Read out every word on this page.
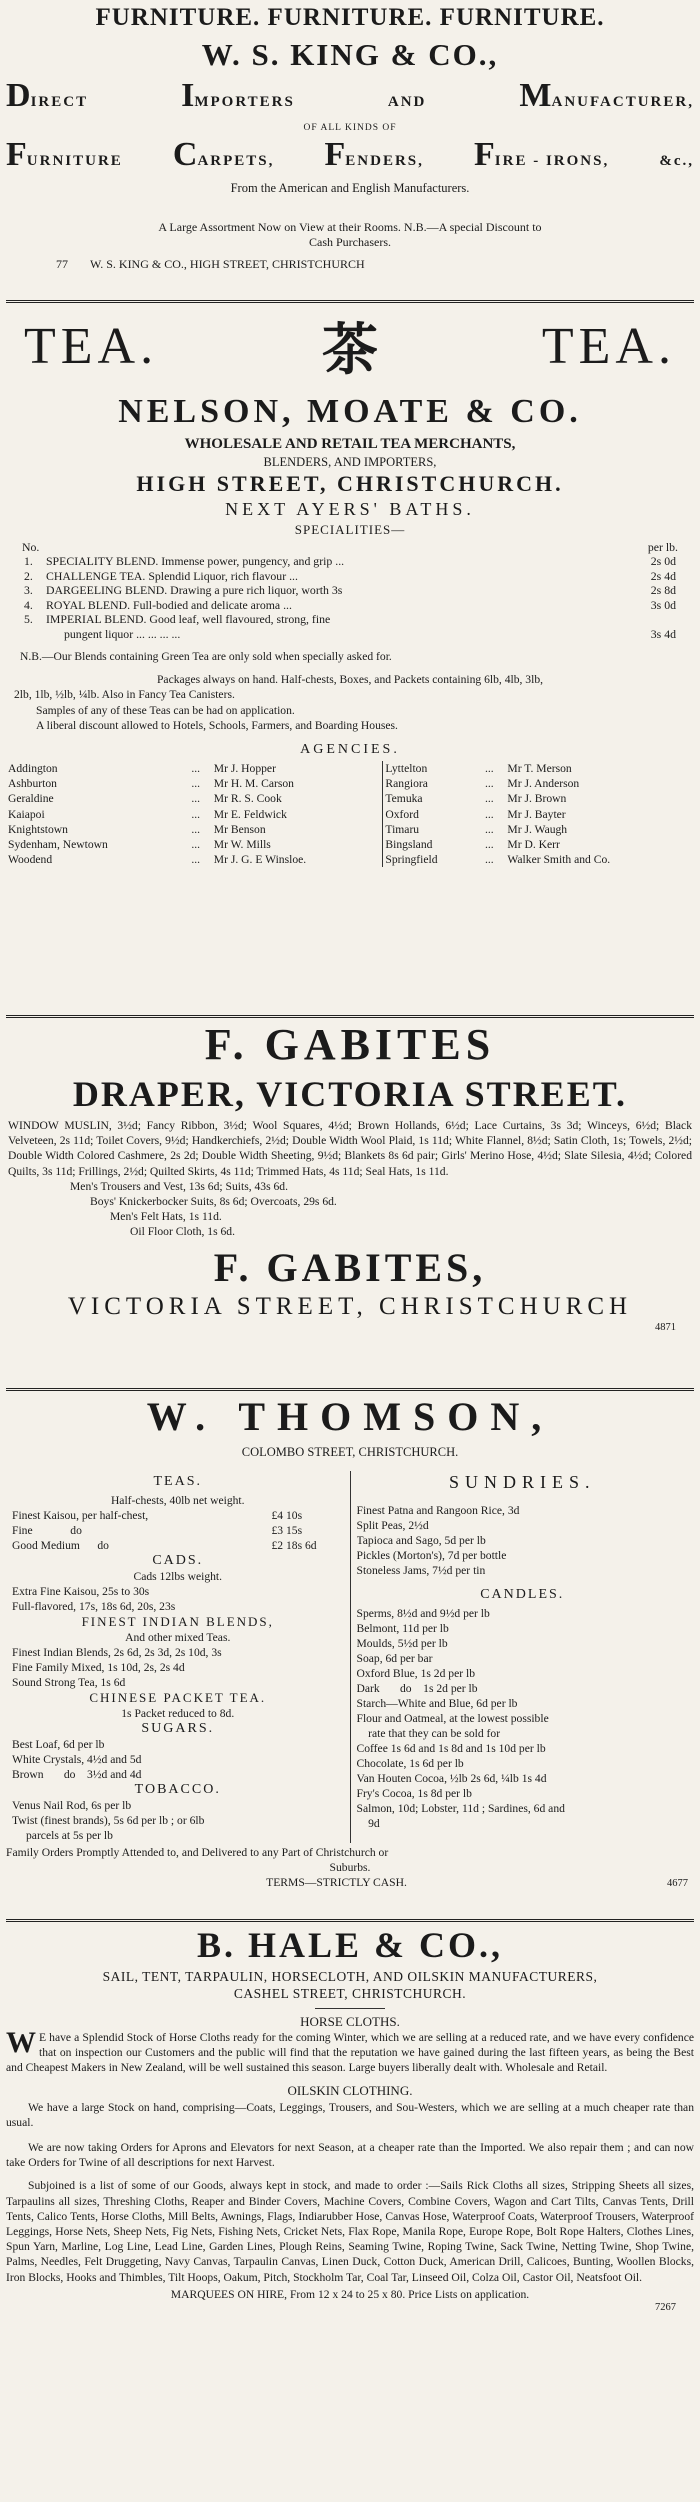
FURNITURE. FURNITURE. FURNITURE.
W. S. KING & CO.,
DIRECT	IMPORTERS	AND	MANUFACTURER,
OF ALL KINDS OF
FURNITURE CARPETS, FENDERS, FIRE - IRONS,	&c.,
From the American and English Manufacturers.
A Large Assortment Now on View at their Rooms. N.B.—A special Discount to
Cash Purchasers.
77 W. S. KING & CO., HIGH STREET, CHRISTCHURCH
TEA.	茶	TEA.
NELSON, MOATE & CO.
WHOLESALE AND RETAIL TEA MERCHANTS,
BLENDERS, AND IMPORTERS,
HIGH STREET, CHRISTCHURCH.
NEXT AYERS' BATHS.
SPECIALITIES—
No.	per lb.
1.	SPECIALITY BLEND. Immense power, pungency, and grip ...	2s 0d
2.	CHALLENGE TEA. Splendid Liquor, rich flavour ...	2s 4d
3.	DARGEELING BLEND. Drawing a pure rich liquor, worth 3s	2s 8d
4.	ROYAL BLEND. Full-bodied and delicate aroma ...	3s 0d
5.	IMPERIAL BLEND. Good leaf, well flavoured, strong, fine	
	pungent liquor ... ... ... ...	3s 4d
N.B.—Our Blends containing Green Tea are only sold when specially asked for.
Packages always on hand. Half-chests, Boxes, and Packets containing 6lb, 4lb, 3lb,
2lb, 1lb, ½lb, ¼lb. Also in Fancy Tea Canisters.
Samples of any of these Teas can be had on application.
A liberal discount allowed to Hotels, Schools, Farmers, and Boarding Houses.
AGENCIES.
Addington	...	Mr J. Hopper	Lyttelton	...	Mr T. Merson
Ashburton	...	Mr H. M. Carson	Rangiora	...	Mr J. Anderson
Geraldine	...	Mr R. S. Cook	Temuka	...	Mr J. Brown
Kaiapoi	...	Mr E. Feldwick	Oxford	...	Mr J. Bayter
Knightstown	...	Mr Benson	Timaru	...	Mr J. Waugh
Sydenham, Newtown	...	Mr W. Mills	Bingsland	...	Mr D. Kerr
Woodend	...	Mr J. G. E Winsloe.	Springfield	...	Walker Smith and Co.
F. GABITES
DRAPER, VICTORIA STREET.
WINDOW MUSLIN, 3½d; Fancy Ribbon, 3½d; Wool Squares, 4½d; Brown Hollands, 6½d; Lace Curtains, 3s 3d; Winceys, 6½d; Black Velveteen, 2s 11d; Toilet Covers, 9½d; Handkerchiefs, 2½d; Double Width Wool Plaid, 1s 11d; White Flannel, 8½d; Satin Cloth, 1s; Towels, 2½d; Double Width Colored Cashmere, 2s 2d; Double Width Sheeting, 9½d; Blankets 8s 6d pair; Girls' Merino Hose, 4½d; Slate Silesia, 4½d; Colored Quilts, 3s 11d; Frillings, 2½d; Quilted Skirts, 4s 11d; Trimmed Hats, 4s 11d; Seal Hats, 1s 11d.
Men's Trousers and Vest, 13s 6d; Suits, 43s 6d.
Boys' Knickerbocker Suits, 8s 6d; Overcoats, 29s 6d.
Men's Felt Hats, 1s 11d.
Oil Floor Cloth, 1s 6d.
F. GABITES,
VICTORIA STREET, CHRISTCHURCH
4871
W. THOMSON,
COLOMBO STREET, CHRISTCHURCH.
TEAS.
Half-chests, 40lb net weight.
Finest Kaisou, per half-chest,	£4 10s
Fine             do	£3 15s
Good Medium      do	£2 18s 6d
CADS.
Cads 12lbs weight.
Extra Fine Kaisou, 25s to 30s
Full-flavored, 17s, 18s 6d, 20s, 23s
FINEST INDIAN BLENDS,
And other mixed Teas.
Finest Indian Blends, 2s 6d, 2s 3d, 2s 10d, 3s
Fine Family Mixed, 1s 10d, 2s, 2s 4d
Sound Strong Tea, 1s 6d
CHINESE PACKET TEA.
1s Packet reduced to 8d.
SUGARS.
Best Loaf, 6d per lb
White Crystals, 4½d and 5d
Brown       do    3½d and 4d
TOBACCO.
Venus Nail Rod, 6s per lb
Twist (finest brands), 5s 6d per lb ; or 6lb
parcels at 5s per lb
SUNDRIES.
Finest Patna and Rangoon Rice, 3d
Split Peas, 2½d
Tapioca and Sago, 5d per lb
Pickles (Morton's), 7d per bottle
Stoneless Jams, 7½d per tin
CANDLES.
Sperms, 8½d and 9½d per lb
Belmont, 11d per lb
Moulds, 5½d per lb
Soap, 6d per bar
Oxford Blue, 1s 2d per lb
Dark       do    1s 2d per lb
Starch—White and Blue, 6d per lb
Flour and Oatmeal, at the lowest possible
rate that they can be sold for
Coffee 1s 6d and 1s 8d and 1s 10d per lb
Chocolate, 1s 6d per lb
Van Houten Cocoa, ½lb 2s 6d, ¼lb 1s 4d
Fry's Cocoa, 1s 8d per lb
Salmon, 10d; Lobster, 11d ; Sardines, 6d and
9d
Family Orders Promptly Attended to, and Delivered to any Part of Christchurch or
Suburbs.
TERMS—STRICTLY CASH.	4677
B. HALE & CO.,
SAIL, TENT, TARPAULIN, HORSECLOTH, AND OILSKIN MANUFACTURERS,
CASHEL STREET, CHRISTCHURCH.
HORSE CLOTHS.
W E have a Splendid Stock of Horse Cloths ready for the coming Winter, which we are selling at a reduced rate, and we have every confidence that on inspection our Customers and the public will find that the reputation we have gained during the last fifteen years, as being the Best and Cheapest Makers in New Zealand, will be well sustained this season. Large buyers liberally dealt with. Wholesale and Retail.
OILSKIN CLOTHING.
We have a large Stock on hand, comprising—Coats, Leggings, Trousers, and Sou-Westers, which we are selling at a much cheaper rate than usual.
We are now taking Orders for Aprons and Elevators for next Season, at a cheaper rate than the Imported. We also repair them ; and can now take Orders for Twine of all descriptions for next Harvest.
Subjoined is a list of some of our Goods, always kept in stock, and made to order :—Sails Rick Cloths all sizes, Stripping Sheets all sizes, Tarpaulins all sizes, Threshing Cloths, Reaper and Binder Covers, Machine Covers, Combine Covers, Wagon and Cart Tilts, Canvas Tents, Drill Tents, Calico Tents, Horse Cloths, Mill Belts, Awnings, Flags, Indiarubber Hose, Canvas Hose, Waterproof Coats, Waterproof Trousers, Waterproof Leggings, Horse Nets, Sheep Nets, Fig Nets, Fishing Nets, Cricket Nets, Flax Rope, Manila Rope, Europe Rope, Bolt Rope Halters, Clothes Lines, Spun Yarn, Marline, Log Line, Lead Line, Garden Lines, Plough Reins, Seaming Twine, Roping Twine, Sack Twine, Netting Twine, Shop Twine, Palms, Needles, Felt Druggeting, Navy Canvas, Tarpaulin Canvas, Linen Duck, Cotton Duck, American Drill, Calicoes, Bunting, Woollen Blocks, Iron Blocks, Hooks and Thimbles, Tilt Hoops, Oakum, Pitch, Stockholm Tar, Coal Tar, Linseed Oil, Colza Oil, Castor Oil, Neatsfoot Oil.
MARQUEES ON HIRE, From 12 x 24 to 25 x 80. Price Lists on application.
7267
